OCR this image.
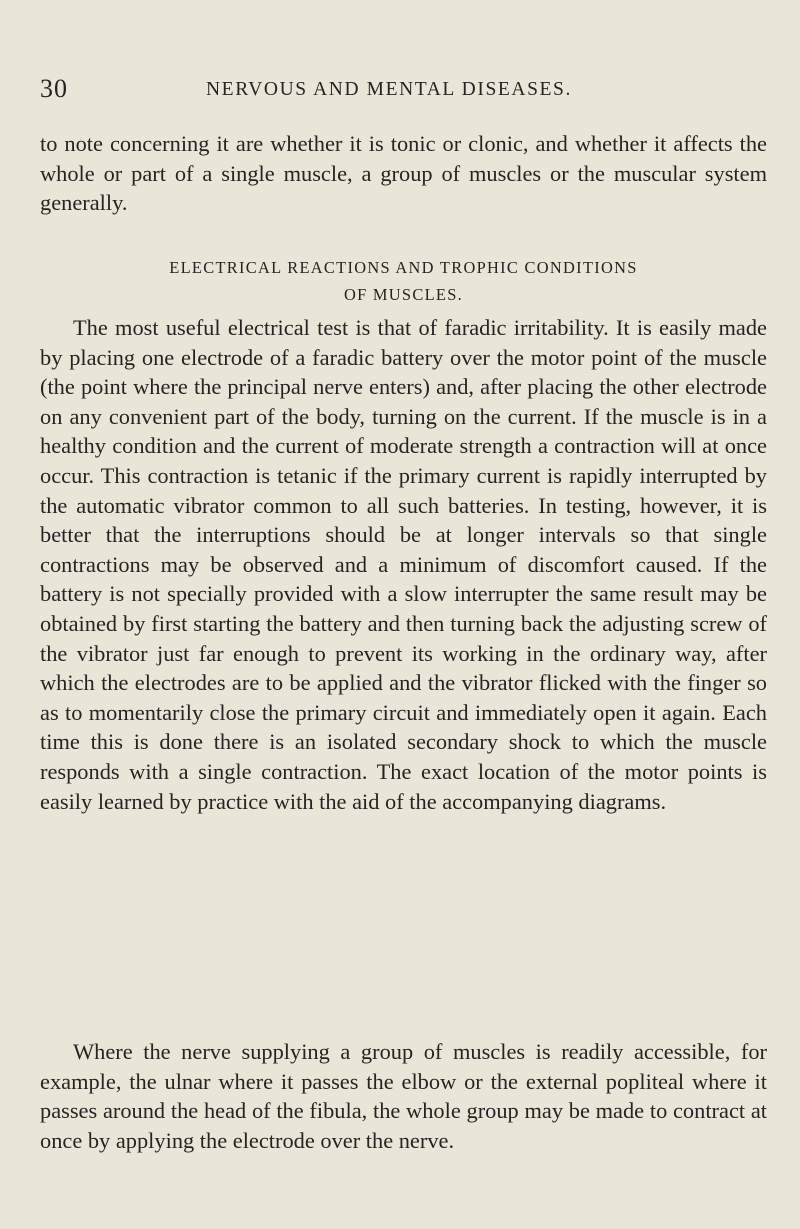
30	NERVOUS AND MENTAL DISEASES.

to note concerning it are whether it is tonic or clonic, and whether it affects the whole or part of a single muscle, a group of muscles or the muscular system generally.

ELECTRICAL REACTIONS AND TROPHIC CONDITIONS
OF MUSCLES.

The most useful electrical test is that of faradic irritability. It is easily made by placing one electrode of a faradic battery over the motor point of the muscle (the point where the principal nerve enters) and, after placing the other electrode on any convenient part of the body, turning on the current. If the muscle is in a healthy condition and the current of moderate strength a contraction will at once occur. This contraction is tetanic if the primary current is rapidly interrupted by the automatic vibrator common to all such batteries. In testing, however, it is better that the interruptions should be at longer intervals so that single contractions may be observed and a minimum of discomfort caused. If the battery is not specially provided with a slow interrupter the same result may be obtained by first starting the battery and then turning back the adjusting screw of the vibrator just far enough to prevent its working in the ordinary way, after which the electrodes are to be applied and the vibrator flicked with the finger so as to momentarily close the primary circuit and immediately open it again. Each time this is done there is an isolated secondary shock to which the muscle responds with a single contraction. The exact location of the motor points is easily learned by practice with the aid of the accompanying diagrams.

Where the nerve supplying a group of muscles is readily accessible, for example, the ulnar where it passes the elbow or the external popliteal where it passes around the head of the fibula, the whole group may be made to contract at once by applying the electrode over the nerve.
